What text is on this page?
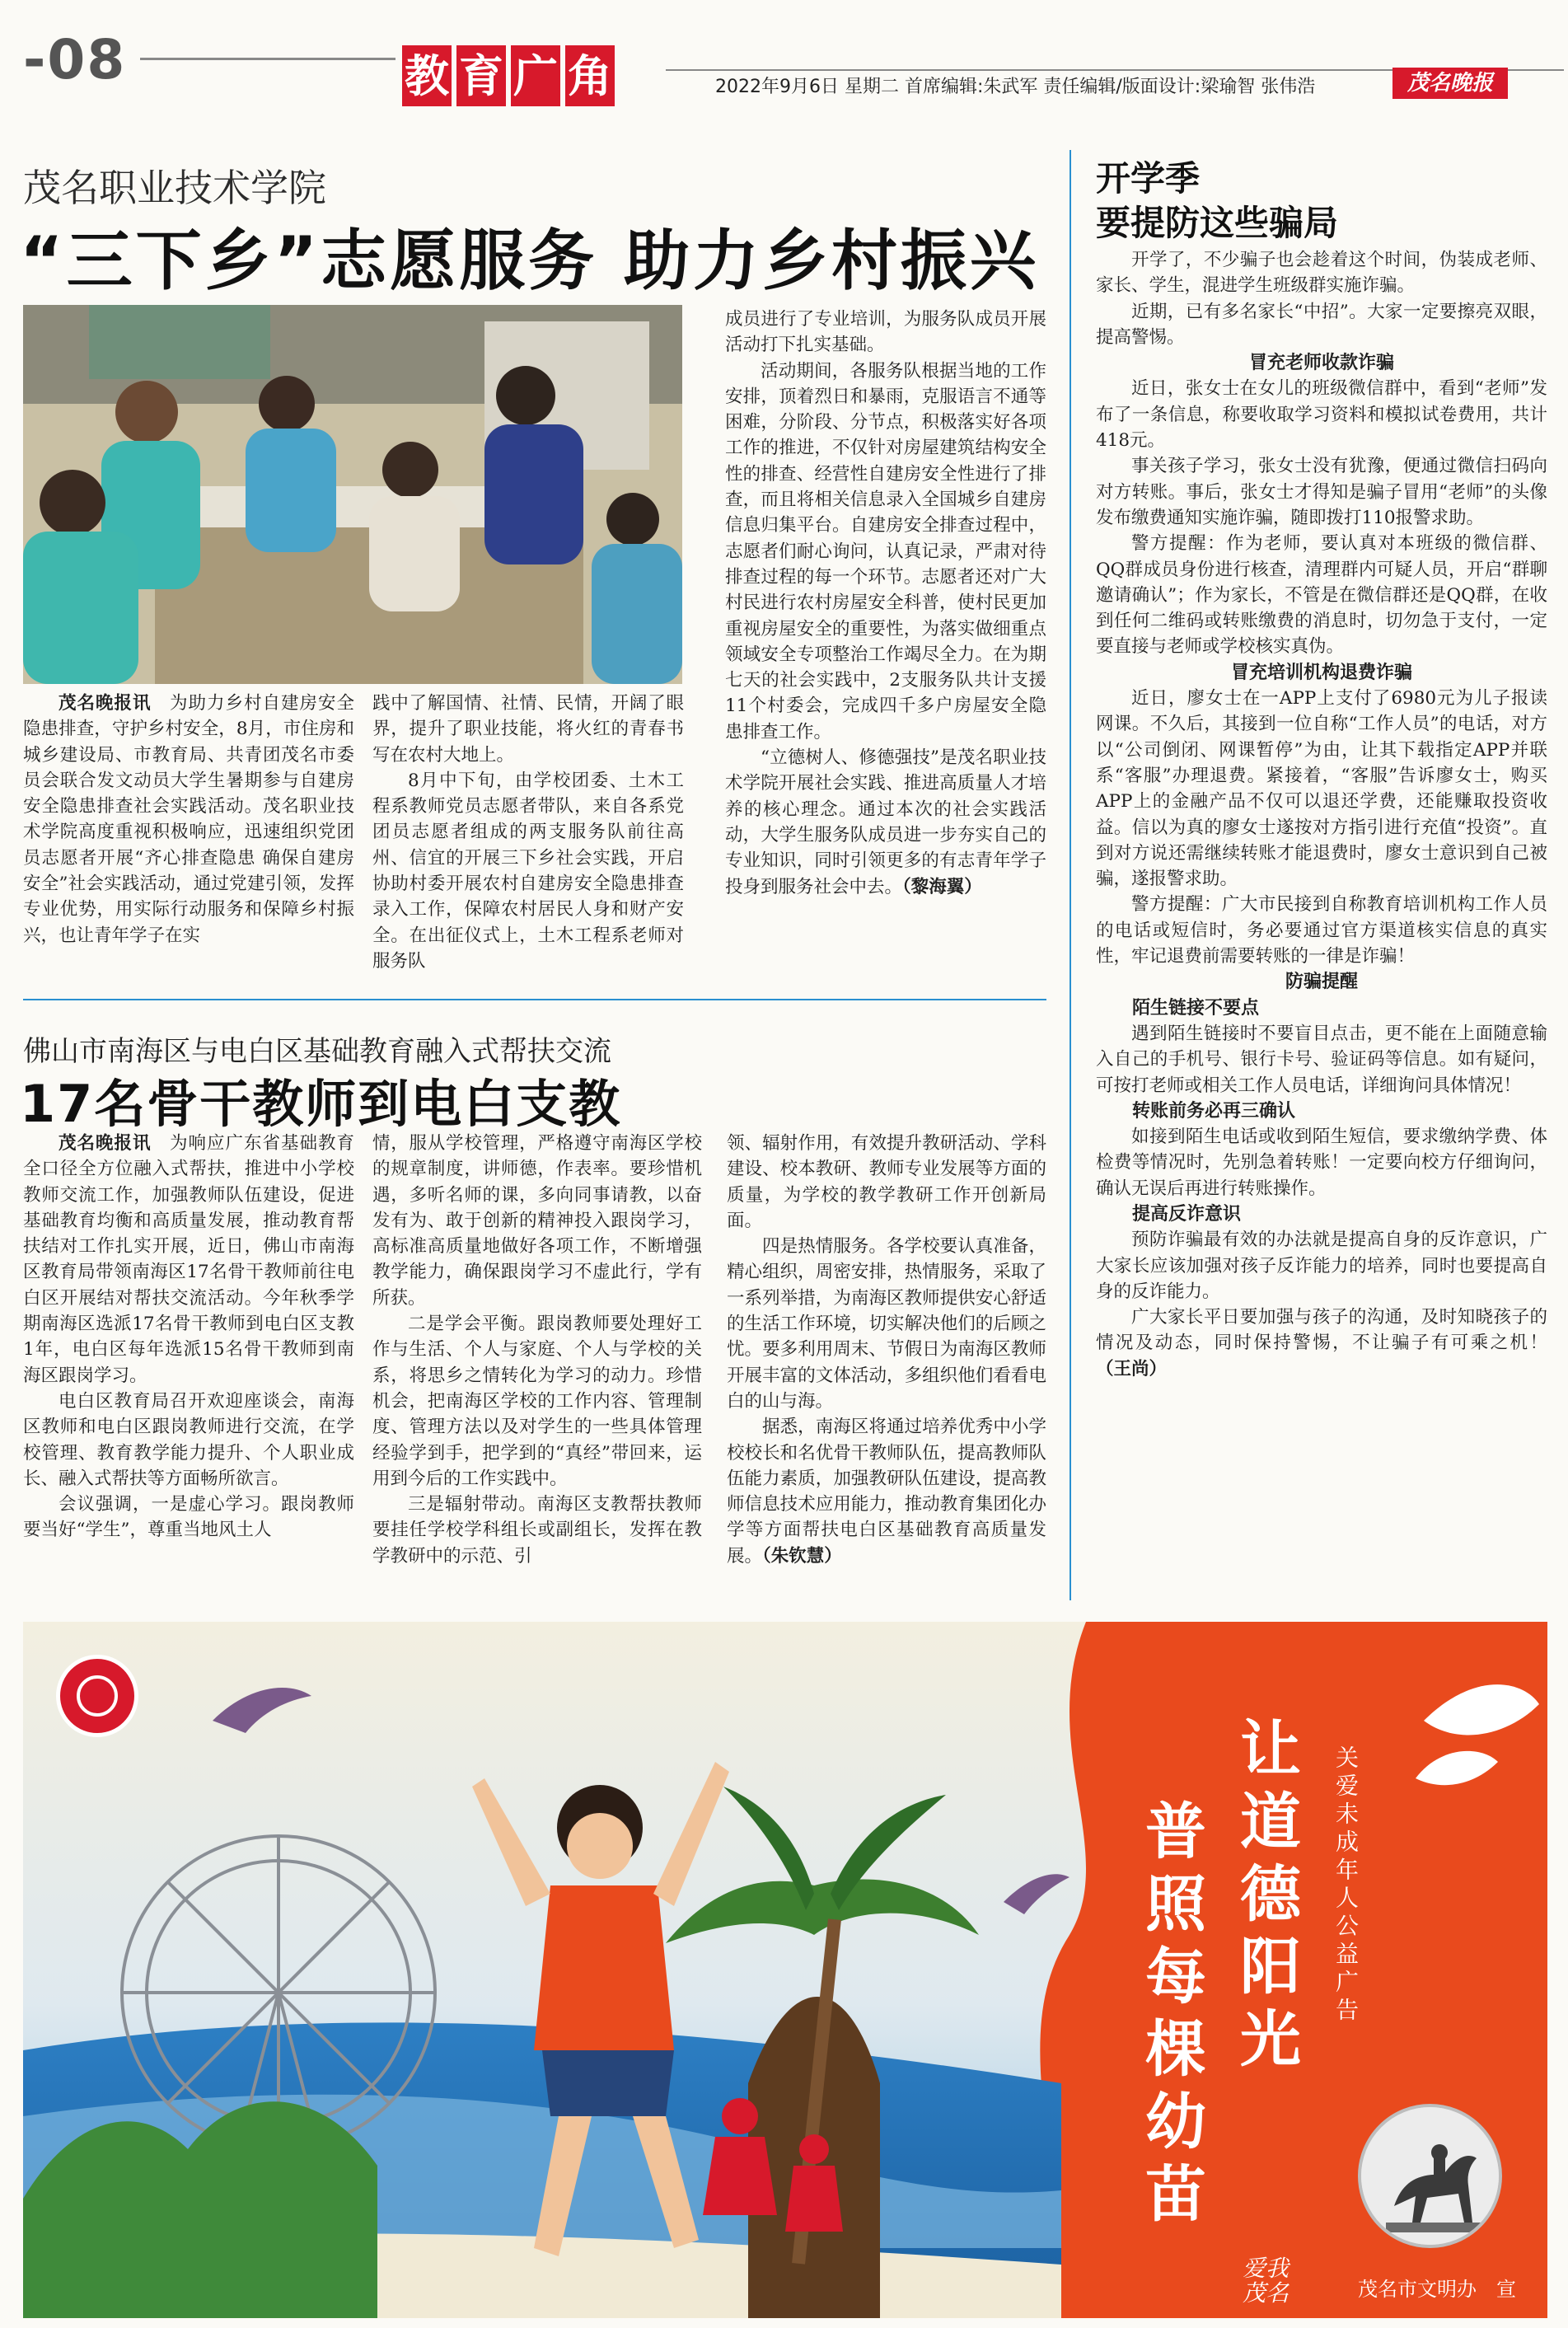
-08	教 育 广 角	2022年9月6日 星期二 首席编辑:朱武军 责任编辑/版面设计:梁瑜智 张伟浩	茂名晚报
茂名职业技术学院
“三下乡”志愿服务 助力乡村振兴

茂名晚报讯　 为助力乡村自建房安全隐患排查，守护乡村安全，8月，市住房和城乡建设局、市教育局、共青团茂名市委员会联合发文动员大学生暑期参与自建房安全隐患排查社会实践活动。茂名职业技术学院高度重视积极响应，迅速组织党团员志愿者开展“齐心排查隐患 确保自建房安全”社会实践活动，通过党建引领，发挥专业优势，用实际行动服务和保障乡村振兴，也让青年学子在实

践中了解国情、社情、民情，开阔了眼界，提升了职业技能，将火红的青春书写在农村大地上。

8月中下旬，由学校团委、土木工程系教师党员志愿者带队，来自各系党团员志愿者组成的两支服务队前往高州、信宜的开展三下乡社会实践，开启协助村委开展农村自建房安全隐患排查录入工作，保障农村居民人身和财产安全。在出征仪式上，土木工程系老师对服务队

成员进行了专业培训，为服务队成员开展活动打下扎实基础。

活动期间，各服务队根据当地的工作安排，顶着烈日和暴雨，克服语言不通等困难，分阶段、分节点，积极落实好各项工作的推进，不仅针对房屋建筑结构安全性的排查、经营性自建房安全性进行了排查，而且将相关信息录入全国城乡自建房信息归集平台。自建房安全排查过程中，志愿者们耐心询问，认真记录，严肃对待排查过程的每一个环节。志愿者还对广大村民进行农村房屋安全科普，使村民更加重视房屋安全的重要性，为落实做细重点领域安全专项整治工作竭尽全力。在为期七天的社会实践中，2支服务队共计支援11个村委会，完成四千多户房屋安全隐患排查工作。

“立德树人、修德强技”是茂名职业技术学院开展社会实践、推进高质量人才培养的核心理念。通过本次的社会实践活动，大学生服务队成员进一步夯实自己的专业知识，同时引领更多的有志青年学子投身到服务社会中去。（黎海翼）

佛山市南海区与电白区基础教育融入式帮扶交流
17名骨干教师到电白支教

茂名晚报讯　 为响应广东省基础教育全口径全方位融入式帮扶，推进中小学校教师交流工作，加强教师队伍建设，促进基础教育均衡和高质量发展，推动教育帮扶结对工作扎实开展，近日，佛山市南海区教育局带领南海区17名骨干教师前往电白区开展结对帮扶交流活动。今年秋季学期南海区选派17名骨干教师到电白区支教1年，电白区每年选派15名骨干教师到南海区跟岗学习。

电白区教育局召开欢迎座谈会，南海区教师和电白区跟岗教师进行交流，在学校管理、教育教学能力提升、个人职业成长、融入式帮扶等方面畅所欲言。

会议强调，一是虚心学习。跟岗教师要当好“学生”，尊重当地风土人

情，服从学校管理，严格遵守南海区学校的规章制度，讲师德，作表率。要珍惜机遇，多听名师的课，多向同事请教，以奋发有为、敢于创新的精神投入跟岗学习，高标准高质量地做好各项工作，不断增强教学能力，确保跟岗学习不虚此行，学有所获。

二是学会平衡。跟岗教师要处理好工作与生活、个人与家庭、个人与学校的关系，将思乡之情转化为学习的动力。珍惜机会，把南海区学校的工作内容、管理制度、管理方法以及对学生的一些具体管理经验学到手，把学到的“真经”带回来，运用到今后的工作实践中。

三是辐射带动。南海区支教帮扶教师要挂任学校学科组长或副组长，发挥在教学教研中的示范、引

领、辐射作用，有效提升教研活动、学科建设、校本教研、教师专业发展等方面的质量，为学校的教学教研工作开创新局面。

四是热情服务。各学校要认真准备，精心组织，周密安排，热情服务，采取了一系列举措，为南海区教师提供安心舒适的生活工作环境，切实解决他们的后顾之忧。要多利用周末、节假日为南海区教师开展丰富的文体活动，多组织他们看看电白的山与海。

据悉，南海区将通过培养优秀中小学校校长和名优骨干教师队伍，提高教师队伍能力素质，加强教研队伍建设，提高教师信息技术应用能力，推动教育集团化办学等方面帮扶电白区基础教育高质量发展。（朱钦慧）

开学季
要提防这些骗局

开学了，不少骗子也会趁着这个时间，伪装成老师、家长、学生，混进学生班级群实施诈骗。

近期，已有多名家长“中招”。大家一定要擦亮双眼，提高警惕。

冒充老师收款诈骗

近日，张女士在女儿的班级微信群中，看到“老师”发布了一条信息，称要收取学习资料和模拟试卷费用，共计418元。

事关孩子学习，张女士没有犹豫，便通过微信扫码向对方转账。事后，张女士才得知是骗子冒用“老师”的头像发布缴费通知实施诈骗，随即拨打110报警求助。

警方提醒：作为老师，要认真对本班级的微信群、QQ群成员身份进行核查，清理群内可疑人员，开启“群聊邀请确认”；作为家长，不管是在微信群还是QQ群，在收到任何二维码或转账缴费的消息时，切勿急于支付，一定要直接与老师或学校核实真伪。

冒充培训机构退费诈骗

近日，廖女士在一APP上支付了6980元为儿子报读网课。不久后，其接到一位自称“工作人员”的电话，对方以“公司倒闭、网课暂停”为由，让其下载指定APP并联系“客服”办理退费。紧接着，“客服”告诉廖女士，购买APP上的金融产品不仅可以退还学费，还能赚取投资收益。信以为真的廖女士遂按对方指引进行充值“投资”。直到对方说还需继续转账才能退费时，廖女士意识到自己被骗，遂报警求助。

警方提醒：广大市民接到自称教育培训机构工作人员的电话或短信时，务必要通过官方渠道核实信息的真实性，牢记退费前需要转账的一律是诈骗！

防骗提醒

陌生链接不要点

遇到陌生链接时不要盲目点击，更不能在上面随意输入自己的手机号、银行卡号、验证码等信息。如有疑问，可按打老师或相关工作人员电话，详细询问具体情况！

转账前务必再三确认

如接到陌生电话或收到陌生短信，要求缴纳学费、体检费等情况时，先别急着转账！一定要向校方仔细询问，确认无误后再进行转账操作。

提高反诈意识

预防诈骗最有效的办法就是提高自身的反诈意识，广大家长应该加强对孩子反诈能力的培养，同时也要提高自身的反诈能力。

广大家长平日要加强与孩子的沟通，及时知晓孩子的情况及动态，同时保持警惕，不让骗子有可乘之机！　　　　（王尚）

关爱未成年人公益广告
让道德阳光
普照每棵幼苗
爱我
茂名	茂名市文明办　宣
